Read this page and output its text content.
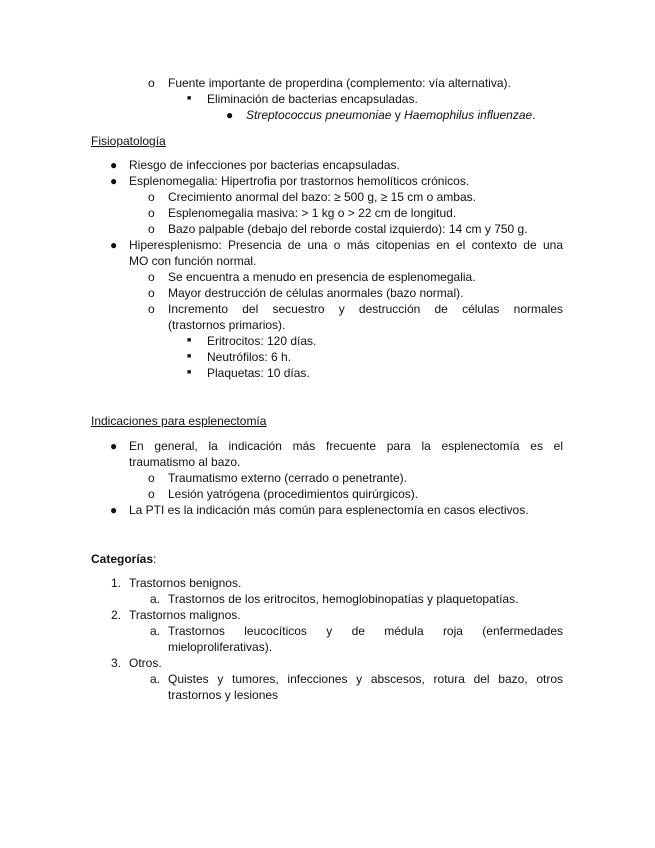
o Fuente importante de properdina (complemento: vía alternativa).
■ Eliminación de bacterias encapsuladas.
● Streptococcus pneumoniae y Haemophilus influenzae.
Fisiopatología
● Riesgo de infecciones por bacterias encapsuladas.
● Esplenomegalia: Hipertrofia por trastornos hemolíticos crónicos.
o Crecimiento anormal del bazo: ≥ 500 g, ≥ 15 cm o ambas.
o Esplenomegalia masiva: > 1 kg o > 22 cm de longitud.
o Bazo palpable (debajo del reborde costal izquierdo): 14 cm y 750 g.
● Hiperesplenismo: Presencia de una o más citopenias en el contexto de una
MO con función normal.
o Se encuentra a menudo en presencia de esplenomegalia.
o Mayor destrucción de células anormales (bazo normal).
o Incremento del secuestro y destrucción de células normales
(trastornos primarios).
■ Eritrocitos: 120 días.
■ Neutrófilos: 6 h.
■ Plaquetas: 10 días.
Indicaciones para esplenectomía
● En general, la indicación más frecuente para la esplenectomía es el
traumatismo al bazo.
o Traumatismo externo (cerrado o penetrante).
o Lesión yatrógena (procedimientos quirúrgicos).
● La PTI es la indicación más común para esplenectomía en casos electivos.
Categorías:
1. Trastornos benignos.
a. Trastornos de los eritrocitos, hemoglobinopatías y plaquetopatías.
2. Trastornos malignos.
a. Trastornos leucocíticos y de médula roja (enfermedades
mieloproliferativas).
3. Otros.
a. Quistes y tumores, infecciones y abscesos, rotura del bazo, otros
trastornos y lesiones
